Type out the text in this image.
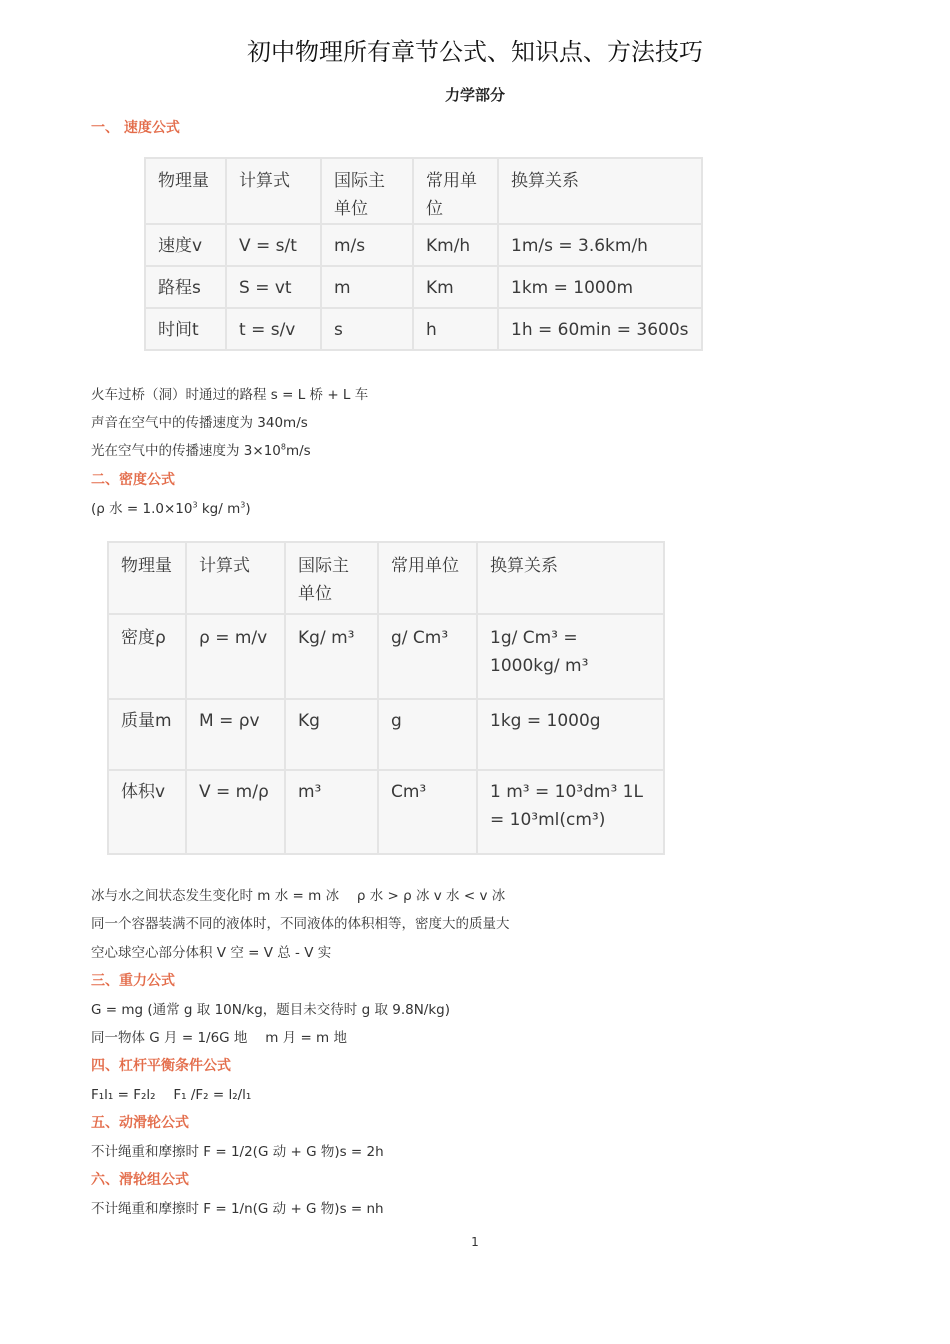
初中物理所有章节公式、知识点、方法技巧
力学部分
一、 速度公式
物理量	计算式	国际主单位	常用单位	换算关系
速度v	V = s/t	m/s	Km/h	1m/s = 3.6km/h
路程s	S = vt	m	Km	1km = 1000m
时间t	t = s/v	s	h	1h = 60min = 3600s
火车过桥（洞）时通过的路程 s = L 桥 + L 车
声音在空气中的传播速度为 340m/s
光在空气中的传播速度为 $3\times 10^8m/s$
二、密度公式
(ρ 水 = $1.0\times 10^3$ kg/ $m^3$)
物理量	计算式	国际主单位	常用单位	换算关系
密度ρ	ρ = m/v	Kg/ m³	g/ Cm³	1g/ Cm³ = 1000kg/ m³
质量m	M = ρv	Kg	g	1kg = 1000g
体积v	V = m/ρ	m³	Cm³	1 m³ = 10³dm³ 1L = 10³ml(cm³)
冰与水之间状态发生变化时 m 水 = m 冰　 ρ 水 > ρ 冰 v 水 < v 冰
同一个容器装满不同的液体时，不同液体的体积相等，密度大的质量大
空心球空心部分体积 V 空 = V 总 - V 实
三、重力公式
G = mg (通常 g 取 10N/kg，题目未交待时 g 取 9.8N/kg)
同一物体 G 月 = 1/6G 地　 m 月 = m 地
四、杠杆平衡条件公式
F₁l₁ = F₂l₂　 F₁ /F₂ = l₂/l₁
五、动滑轮公式
不计绳重和摩擦时 F = 1/2(G 动 + G 物)s = 2h
六、滑轮组公式
不计绳重和摩擦时 F = 1/n(G 动 + G 物)s = nh
1
